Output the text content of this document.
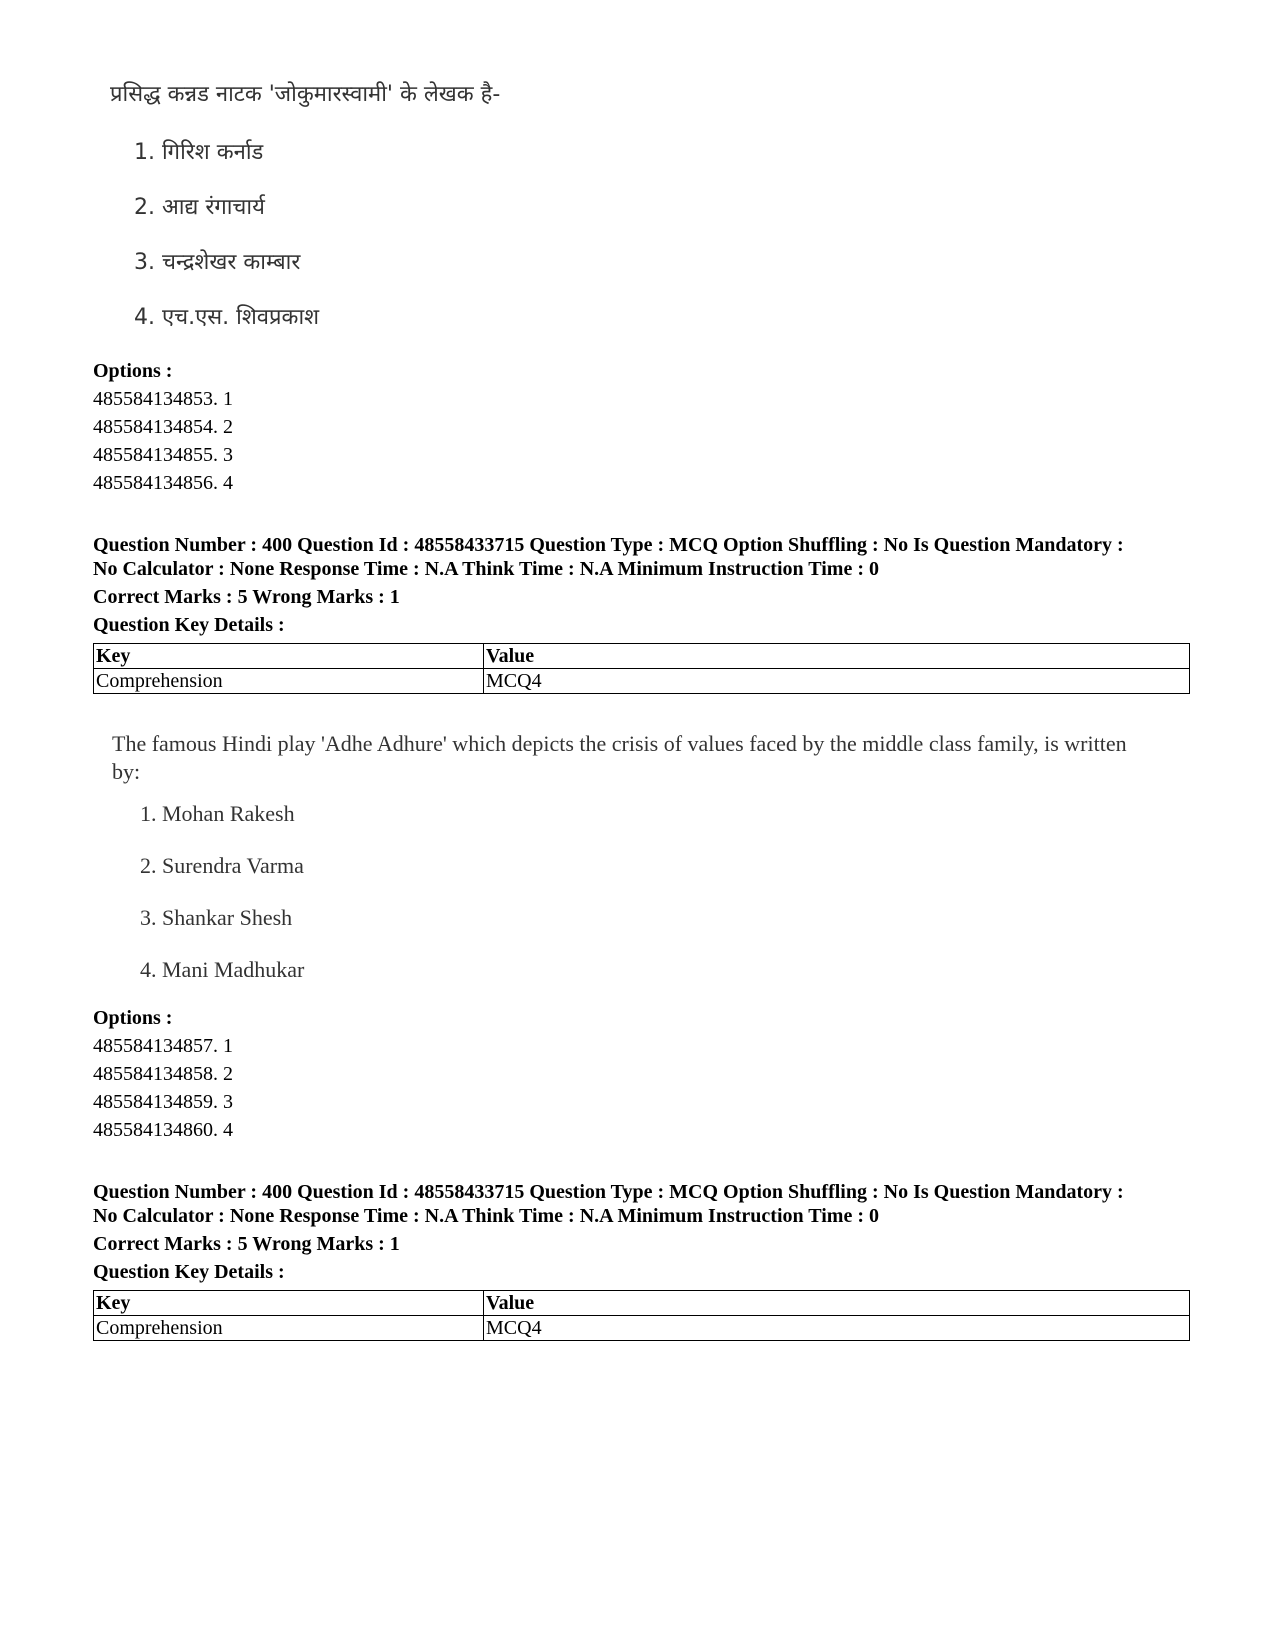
प्रसिद्ध कन्नड नाटक 'जोकुमारस्वामी' के लेखक है-
1. गिरिश कर्नाड
2. आद्य रंगाचार्य
3. चन्द्रशेखर काम्बार
4. एच.एस. शिवप्रकाश
Options :
485584134853. 1
485584134854. 2
485584134855. 3
485584134856. 4
Question Number : 400 Question Id : 48558433715 Question Type : MCQ Option Shuffling : No Is Question Mandatory :
No Calculator : None Response Time : N.A Think Time : N.A Minimum Instruction Time : 0
Correct Marks : 5 Wrong Marks : 1
Question Key Details :
Key	Value
Comprehension	MCQ4
The famous Hindi play 'Adhe Adhure' which depicts the crisis of values faced by the middle class family, is written by:
1. Mohan Rakesh
2. Surendra Varma
3. Shankar Shesh
4. Mani Madhukar
Options :
485584134857. 1
485584134858. 2
485584134859. 3
485584134860. 4
Question Number : 400 Question Id : 48558433715 Question Type : MCQ Option Shuffling : No Is Question Mandatory :
No Calculator : None Response Time : N.A Think Time : N.A Minimum Instruction Time : 0
Correct Marks : 5 Wrong Marks : 1
Question Key Details :
Key	Value
Comprehension	MCQ4
